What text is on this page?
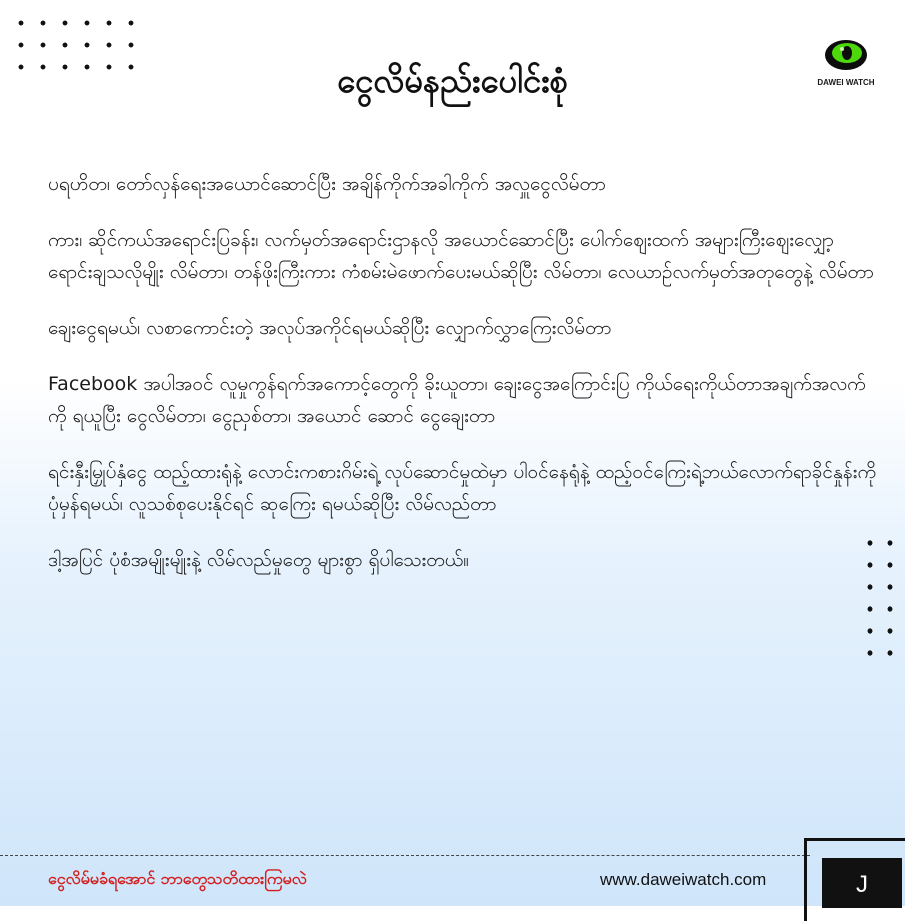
ငွေလိမ်နည်းပေါင်းစုံ	DAWEI WATCH

ပရဟိတ၊ တော်လှန်ရေးအယောင်ဆောင်ပြီး အချိန်ကိုက်အခါကိုက် အလှူငွေလိမ်တာ

ကား၊ ဆိုင်ကယ်အရောင်းပြခန်း၊ လက်မှတ်အရောင်းဌာနလို အယောင်ဆောင်ပြီး ပေါက်စျေးထက် အများကြီးစျေးလျှော့ရောင်းချသလိုမျိုး လိမ်တာ၊ တန်ဖိုးကြီးကား ကံစမ်းမဲဖောက်ပေးမယ်ဆိုပြီး လိမ်တာ၊ လေယာဉ်လက်မှတ်အတုတွေနဲ့ လိမ်တာ

ချေးငွေရမယ်၊ လစာကောင်းတဲ့ အလုပ်အကိုင်ရမယ်ဆိုပြီး လျှောက်လွှာကြေးလိမ်တာ

Facebook အပါအဝင် လူမှုကွန်ရက်အကောင့်တွေကို ခိုးယူတာ၊ ချေးငွေအကြောင်းပြ ကိုယ်ရေးကိုယ်တာအချက်အလက်ကို ရယူပြီး ငွေလိမ်တာ၊ ငွေညှစ်တာ၊ အယောင် ဆောင် ငွေချေးတာ

ရင်းနှီးမြှုပ်နှံငွေ ထည့်ထားရုံနဲ့ လောင်းကစားဂိမ်းရဲ့ လုပ်ဆောင်မှုထဲမှာ ပါဝင်နေရုံနဲ့ ထည့်ဝင်ကြေးရဲ့ဘယ်လောက်ရာခိုင်နှုန်းကို ပုံမှန်ရမယ်၊ လူသစ်စုပေးနိုင်ရင် ဆုကြေး ရမယ်ဆိုပြီး လိမ်လည်တာ

ဒါ့အပြင် ပုံစံအမျိုးမျိုးနဲ့ လိမ်လည်မှုတွေ များစွာ ရှိပါသေးတယ်။

ငွေလိမ်မခံရအောင် ဘာတွေသတိထားကြမလဲ	www.daweiwatch.com	J
